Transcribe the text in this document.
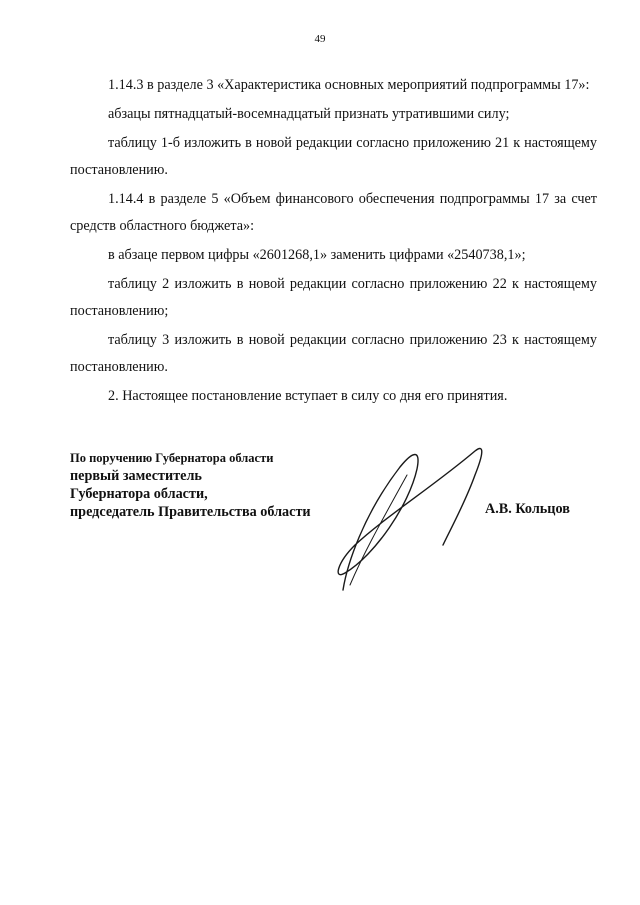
49

1.14.3 в разделе 3 «Характеристика основных мероприятий подпрограммы 17»:

абзацы пятнадцатый-восемнадцатый признать утратившими силу;

таблицу 1-б изложить в новой редакции согласно приложению 21 к настоящему постановлению.

1.14.4 в разделе 5 «Объем финансового обеспечения подпрограммы 17 за счет средств областного бюджета»:

в абзаце первом цифры «2601268,1» заменить цифрами «2540738,1»;

таблицу 2 изложить в новой редакции согласно приложению 22 к настоящему постановлению;

таблицу 3 изложить в новой редакции согласно приложению 23 к настоящему постановлению.

2. Настоящее постановление вступает в силу со дня его принятия.

По поручению Губернатора области
первый заместитель
Губернатора области,
председатель Правительства области	А.В. Кольцов
